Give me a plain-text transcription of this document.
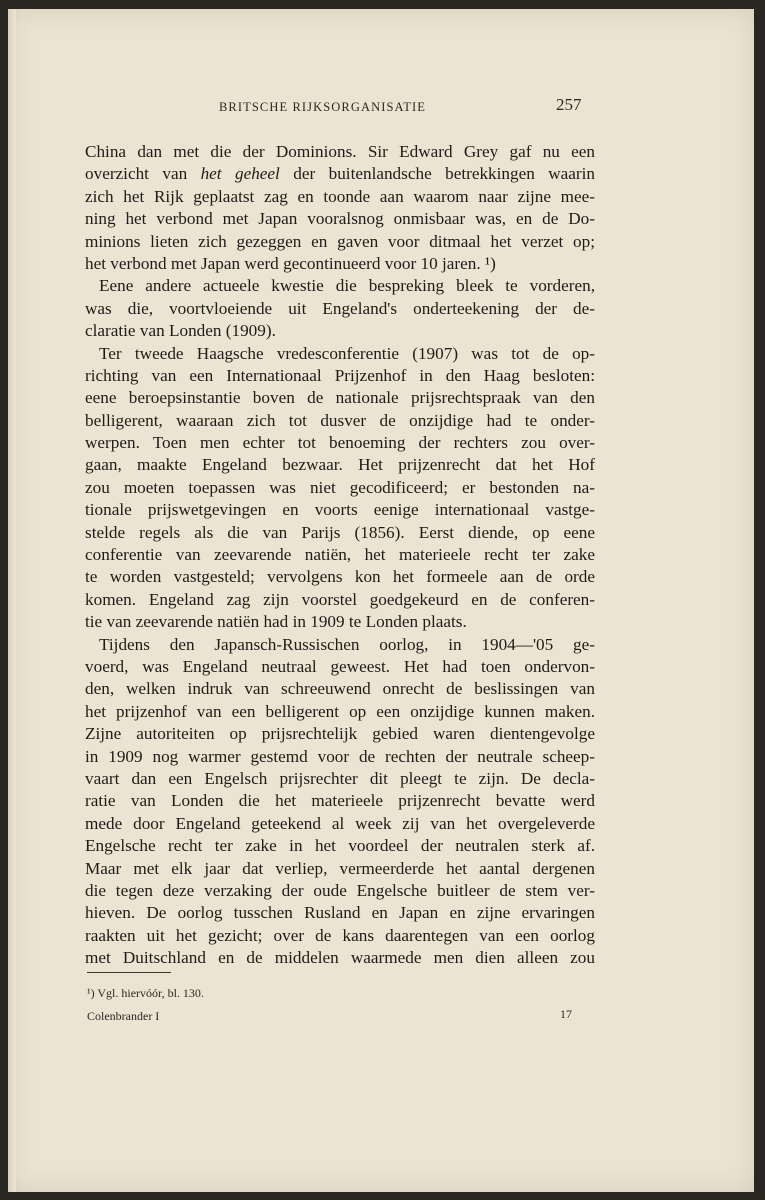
BRITSCHE RIJKSORGANISATIE	257
China dan met die der Dominions. Sir Edward Grey gaf nu een
overzicht van het geheel der buitenlandsche betrekkingen waarin
zich het Rijk geplaatst zag en toonde aan waarom naar zijne mee-
ning het verbond met Japan vooralsnog onmisbaar was, en de Do-
minions lieten zich gezeggen en gaven voor ditmaal het verzet op;
het verbond met Japan werd gecontinueerd voor 10 jaren. ¹)
Eene andere actueele kwestie die bespreking bleek te vorderen,
was die, voortvloeiende uit Engeland's onderteekening der de-
claratie van Londen (1909).
Ter tweede Haagsche vredesconferentie (1907) was tot de op-
richting van een Internationaal Prijzenhof in den Haag besloten:
eene beroepsinstantie boven de nationale prijsrechtspraak van den
belligerent, waaraan zich tot dusver de onzijdige had te onder-
werpen. Toen men echter tot benoeming der rechters zou over-
gaan, maakte Engeland bezwaar. Het prijzenrecht dat het Hof
zou moeten toepassen was niet gecodificeerd; er bestonden na-
tionale prijswetgevingen en voorts eenige internationaal vastge-
stelde regels als die van Parijs (1856). Eerst diende, op eene
conferentie van zeevarende natiën, het materieele recht ter zake
te worden vastgesteld; vervolgens kon het formeele aan de orde
komen. Engeland zag zijn voorstel goedgekeurd en de conferen-
tie van zeevarende natiën had in 1909 te Londen plaats.
Tijdens den Japansch-Russischen oorlog, in 1904—'05 ge-
voerd, was Engeland neutraal geweest. Het had toen ondervon-
den, welken indruk van schreeuwend onrecht de beslissingen van
het prijzenhof van een belligerent op een onzijdige kunnen maken.
Zijne autoriteiten op prijsrechtelijk gebied waren dientengevolge
in 1909 nog warmer gestemd voor de rechten der neutrale scheep-
vaart dan een Engelsch prijsrechter dit pleegt te zijn. De decla-
ratie van Londen die het materieele prijzenrecht bevatte werd
mede door Engeland geteekend al week zij van het overgeleverde
Engelsche recht ter zake in het voordeel der neutralen sterk af.
Maar met elk jaar dat verliep, vermeerderde het aantal dergenen
die tegen deze verzaking der oude Engelsche buitleer de stem ver-
hieven. De oorlog tusschen Rusland en Japan en zijne ervaringen
raakten uit het gezicht; over de kans daarentegen van een oorlog
met Duitschland en de middelen waarmede men dien alleen zou
¹) Vgl. hiervóór, bl. 130.
Colenbrander I	17
